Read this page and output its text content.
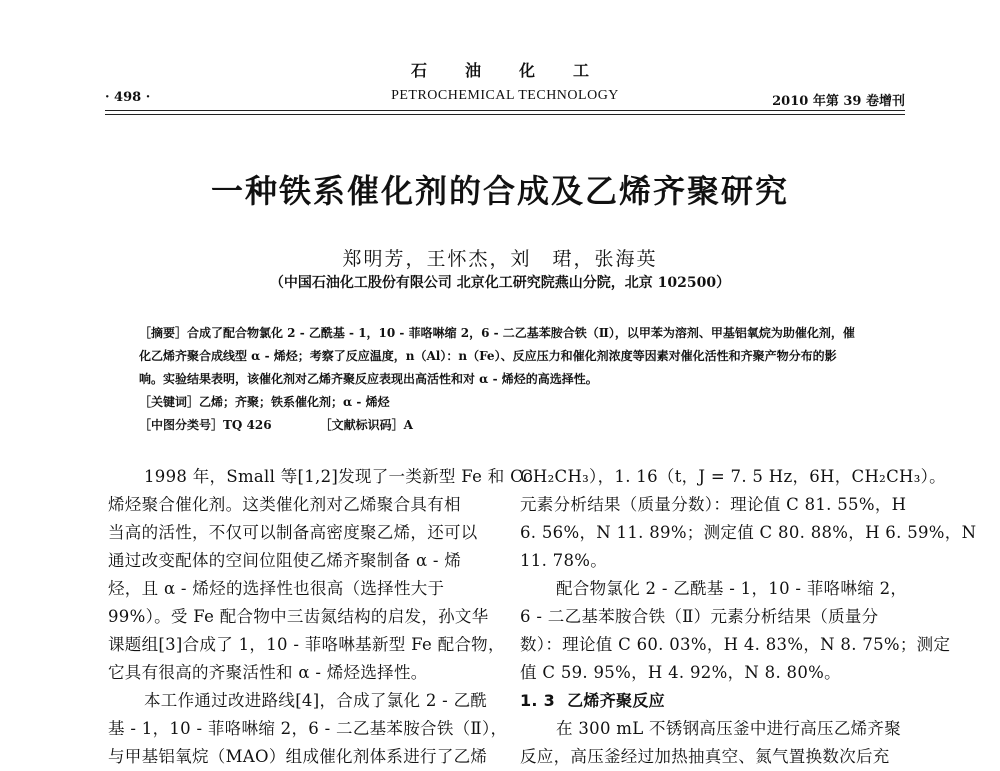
石油化工
· 498 ·	PETROCHEMICAL TECHNOLOGY	2010 年第 39 卷增刊
一种铁系催化剂的合成及乙烯齐聚研究
郑明芳，王怀杰，刘　珺，张海英
（中国石油化工股份有限公司 北京化工研究院燕山分院，北京 102500）
［摘要］合成了配合物氯化 2 - 乙酰基 - 1，10 - 菲咯啉缩 2，6 - 二乙基苯胺合铁（Ⅱ），以甲苯为溶剂、甲基铝氧烷为助催化剂，催
化乙烯齐聚合成线型 α - 烯烃；考察了反应温度，n（Al）：n（Fe）、反应压力和催化剂浓度等因素对催化活性和齐聚产物分布的影
响。实验结果表明，该催化剂对乙烯齐聚反应表现出高活性和对 α - 烯烃的高选择性。
［关键词］乙烯；齐聚；铁系催化剂；α - 烯烃
［中图分类号］TQ 426	［文献标识码］A
1998 年，Small 等[1,2]发现了一类新型 Fe 和 Co
烯烃聚合催化剂。这类催化剂对乙烯聚合具有相
当高的活性，不仅可以制备高密度聚乙烯，还可以
通过改变配体的空间位阻使乙烯齐聚制备 α - 烯
烃，且 α - 烯烃的选择性也很高（选择性大于
99%）。受 Fe 配合物中三齿氮结构的启发，孙文华
课题组[3]合成了 1，10 - 菲咯啉基新型 Fe 配合物，
它具有很高的齐聚活性和 α - 烯烃选择性。
本工作通过改进路线[4]，合成了氯化 2 - 乙酰
基 - 1，10 - 菲咯啉缩 2，6 - 二乙基苯胺合铁（Ⅱ），
与甲基铝氧烷（MAO）组成催化剂体系进行了乙烯
CH₂CH₃），1. 16（t，J = 7. 5 Hz，6H，CH₂CH₃）。
元素分析结果（质量分数）：理论值 C 81. 55%，H
6. 56%，N 11. 89%；测定值 C 80. 88%，H 6. 59%，N
11. 78%。
配合物氯化 2 - 乙酰基 - 1，10 - 菲咯啉缩 2，
6 - 二乙基苯胺合铁（Ⅱ）元素分析结果（质量分
数）：理论值 C 60. 03%，H 4. 83%，N 8. 75%；测定
值 C 59. 95%，H 4. 92%，N 8. 80%。
1. 3 乙烯齐聚反应
在 300 mL 不锈钢高压釜中进行高压乙烯齐聚
反应，高压釜经过加热抽真空、氮气置换数次后充
